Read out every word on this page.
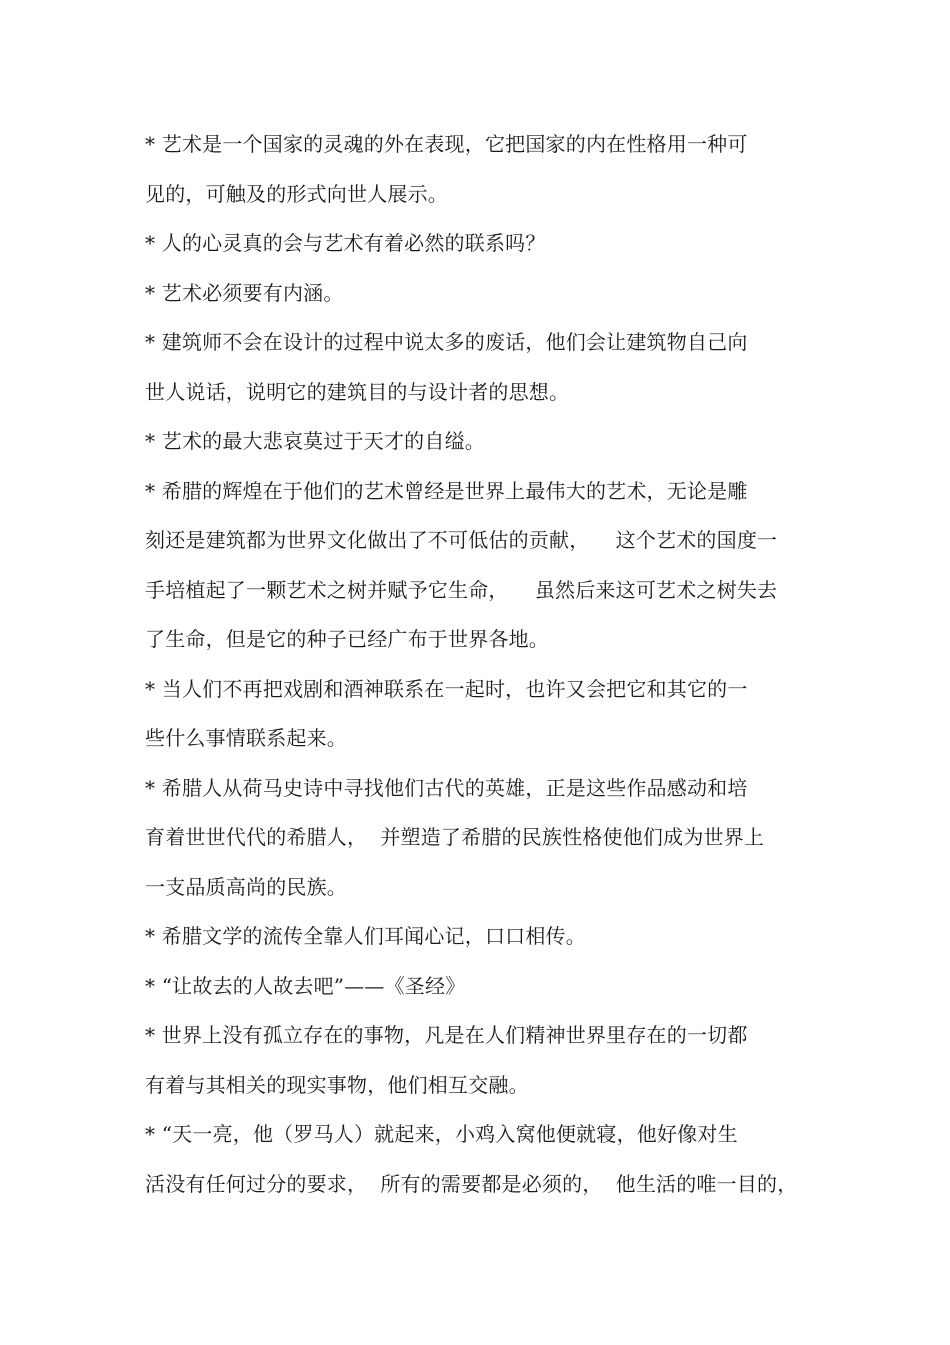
* 艺术是一个国家的灵魂的外在表现，它把国家的内在性格用一种可
见的，可触及的形式向世人展示。
* 人的心灵真的会与艺术有着必然的联系吗？
* 艺术必须要有内涵。
* 建筑师不会在设计的过程中说太多的废话，他们会让建筑物自己向
世人说话，说明它的建筑目的与设计者的思想。
* 艺术的最大悲哀莫过于天才的自缢。
* 希腊的辉煌在于他们的艺术曾经是世界上最伟大的艺术，无论是雕
刻还是建筑都为世界文化做出了不可低估的贡献，    这个艺术的国度一
手培植起了一颗艺术之树并赋予它生命，    虽然后来这可艺术之树失去
了生命，但是它的种子已经广布于世界各地。
* 当人们不再把戏剧和酒神联系在一起时，也许又会把它和其它的一
些什么事情联系起来。
* 希腊人从荷马史诗中寻找他们古代的英雄，正是这些作品感动和培
育着世世代代的希腊人，  并塑造了希腊的民族性格使他们成为世界上
一支品质高尚的民族。
* 希腊文学的流传全靠人们耳闻心记，口口相传。
* “让故去的人故去吧”——《圣经》
* 世界上没有孤立存在的事物，凡是在人们精神世界里存在的一切都
有着与其相关的现实事物，他们相互交融。
* “天一亮，他（罗马人）就起来，小鸡入窝他便就寝，他好像对生
活没有任何过分的要求，  所有的需要都是必须的，  他生活的唯一目的，
